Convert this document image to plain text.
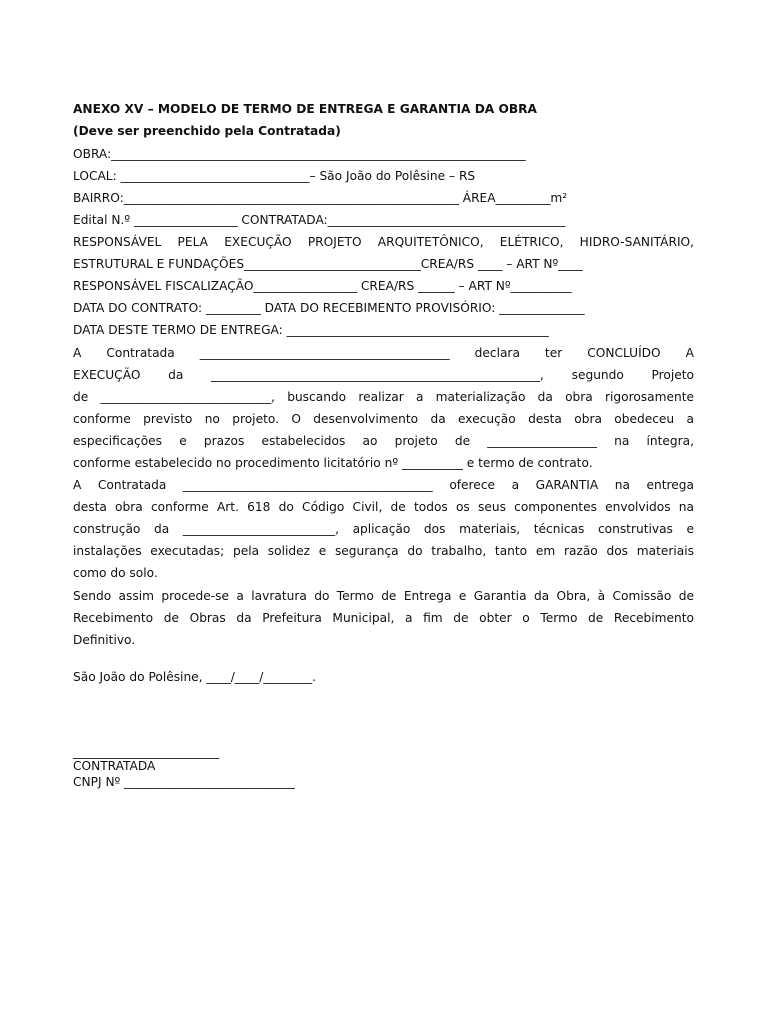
ANEXO XV – MODELO DE TERMO DE ENTREGA E GARANTIA DA OBRA
(Deve ser preenchido pela Contratada)
OBRA:____________________________________________________________________
LOCAL: _______________________________– São João do Polêsine – RS
BAIRRO:_______________________________________________________ ÁREA_________m²
Edital N.º _________________ CONTRATADA:_______________________________________
RESPONSÁVEL PELA EXECUÇÃO PROJETO ARQUITETÔNICO, ELÉTRICO, HIDRO-SANITÁRIO,
ESTRUTURAL E FUNDAÇÕES_____________________________CREA/RS ____ – ART Nº____
RESPONSÁVEL FISCALIZAÇÃO_________________ CREA/RS ______ – ART Nº__________
DATA DO CONTRATO: _________ DATA DO RECEBIMENTO PROVISÓRIO: ______________
DATA DESTE TERMO DE ENTREGA: ___________________________________________
A Contratada _________________________________________ declara ter CONCLUÍDO A
EXECUÇÃO da ______________________________________________________, segundo Projeto
de ____________________________, buscando realizar a materialização da obra rigorosamente
conforme previsto no projeto. O desenvolvimento da execução desta obra obedeceu a
especificações e prazos estabelecidos ao projeto de __________________ na íntegra,
conforme estabelecido no procedimento licitatório nº __________ e termo de contrato.
A Contratada _________________________________________ oferece a GARANTIA na entrega
desta obra conforme Art. 618 do Código Civil, de todos os seus componentes envolvidos na
construção da _________________________, aplicação dos materiais, técnicas construtivas e
instalações executadas; pela solidez e segurança do trabalho, tanto em razão dos materiais
como do solo.
Sendo assim procede-se a lavratura do Termo de Entrega e Garantia da Obra, à Comissão de
Recebimento de Obras da Prefeitura Municipal, a fim de obter o Termo de Recebimento
Definitivo.
São João do Polêsine, ____/____/________.
________________________
CONTRATADA
CNPJ Nº ____________________________
